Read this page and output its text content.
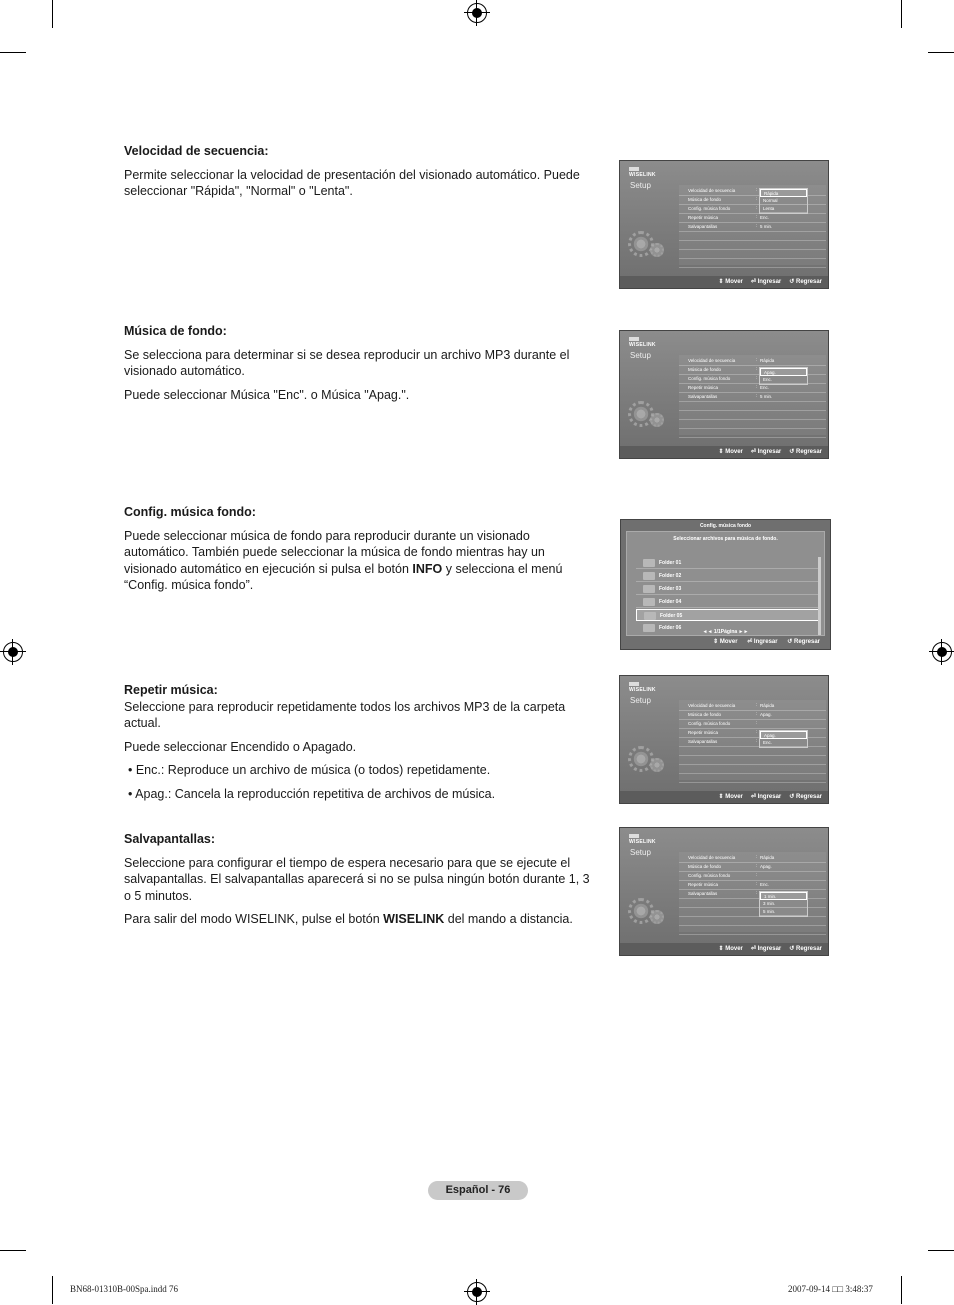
Velocidad de secuencia:

Permite seleccionar la velocidad de presentación del visionado automático. Puede seleccionar "Rápida", "Normal" o "Lenta".

Música de fondo:

Se selecciona para determinar si se desea reproducir un archivo MP3 durante el visionado automático.

Puede seleccionar Música "Enc". o Música "Apag.".

Config. música fondo:

Puede seleccionar música de fondo para reproducir durante un visionado automático. También puede seleccionar la música de fondo mientras hay un visionado automático en ejecución si pulsa el botón INFO y selecciona el menú “Config. música fondo”.

Repetir música:

Seleccione para reproducir repetidamente todos los archivos MP3 de la carpeta actual.

Puede seleccionar Encendido o Apagado.

• Enc.: Reproduce un archivo de música (o todos) repetidamente.

• Apag.: Cancela la reproducción repetitiva de archivos de música.

Salvapantallas:

Seleccione para configurar el tiempo de espera necesario para que se ejecute el salvapantallas. El salvapantallas aparecerá si no se pulsa ningún botón durante 1, 3 o 5 minutos.

Para salir del modo WISELINK, pulse el botón WISELINK del mando a distancia.

WISELINK
Setup
Velocidad de secuencia	:
Música de fondo	:
Config. música fondo	:
Repetir música	: Enc.
Salvapantallas	: 5 min.
Rápida
Normal
Lenta
⇕ Mover ⏎ Ingresar ↺ Regresar
WISELINK
Setup
Velocidad de secuencia	: Rápida
Música de fondo	:
Config. música fondo	:
Repetir música	: Enc.
Salvapantallas	: 5 min.
Apag.
Enc.
⇕ Mover ⏎ Ingresar ↺ Regresar
WISELINK
Setup
Velocidad de secuencia	: Rápida
Música de fondo	: Apag.
Config. música fondo	:
Repetir música	:
Salvapantallas	:
Apag.
Enc.
⇕ Mover ⏎ Ingresar ↺ Regresar
WISELINK
Setup
Velocidad de secuencia	: Rápida
Música de fondo	: Apag.
Config. música fondo	:
Repetir música	: Enc.
Salvapantallas	:
1 min.
3 min.
5 min.
⇕ Mover ⏎ Ingresar ↺ Regresar
Config. música fondo
Seleccionar archivos para música de fondo.
Folder 01
Folder 02
Folder 03
Folder 04
Folder 05
Folder 06
◄◄ 1/1Página ►►
⇕ Mover ⏎ Ingresar ↺ Regresar
Español - 76
BN68-01310B-00Spa.indd 76	2007-09-14 □□ 3:48:37
